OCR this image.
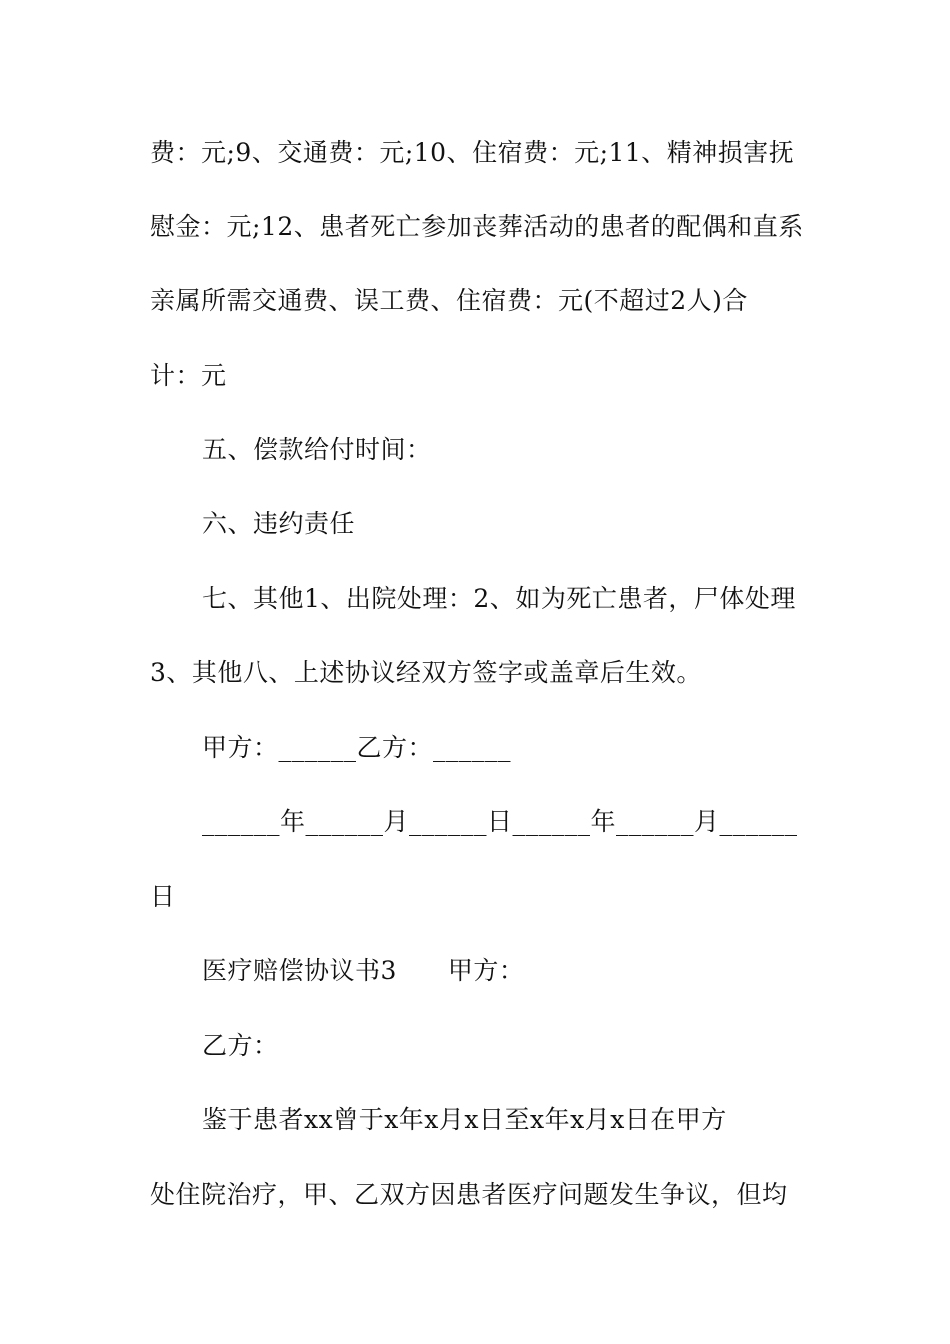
费：元;9、交通费：元;10、住宿费：元;11、精神损害抚
慰金：元;12、患者死亡参加丧葬活动的患者的配偶和直系
亲属所需交通费、误工费、住宿费：元(不超过2人)合
计：元
五、偿款给付时间：
六、违约责任
七、其他1、出院处理：2、如为死亡患者，尸体处理
3、其他八、上述协议经双方签字或盖章后生效。
甲方：______乙方：______
______年______月______日______年______月______
日
医疗赔偿协议书3　　甲方：
乙方：
鉴于患者xx曾于x年x月x日至x年x月x日在甲方
处住院治疗，甲、乙双方因患者医疗问题发生争议，但均
